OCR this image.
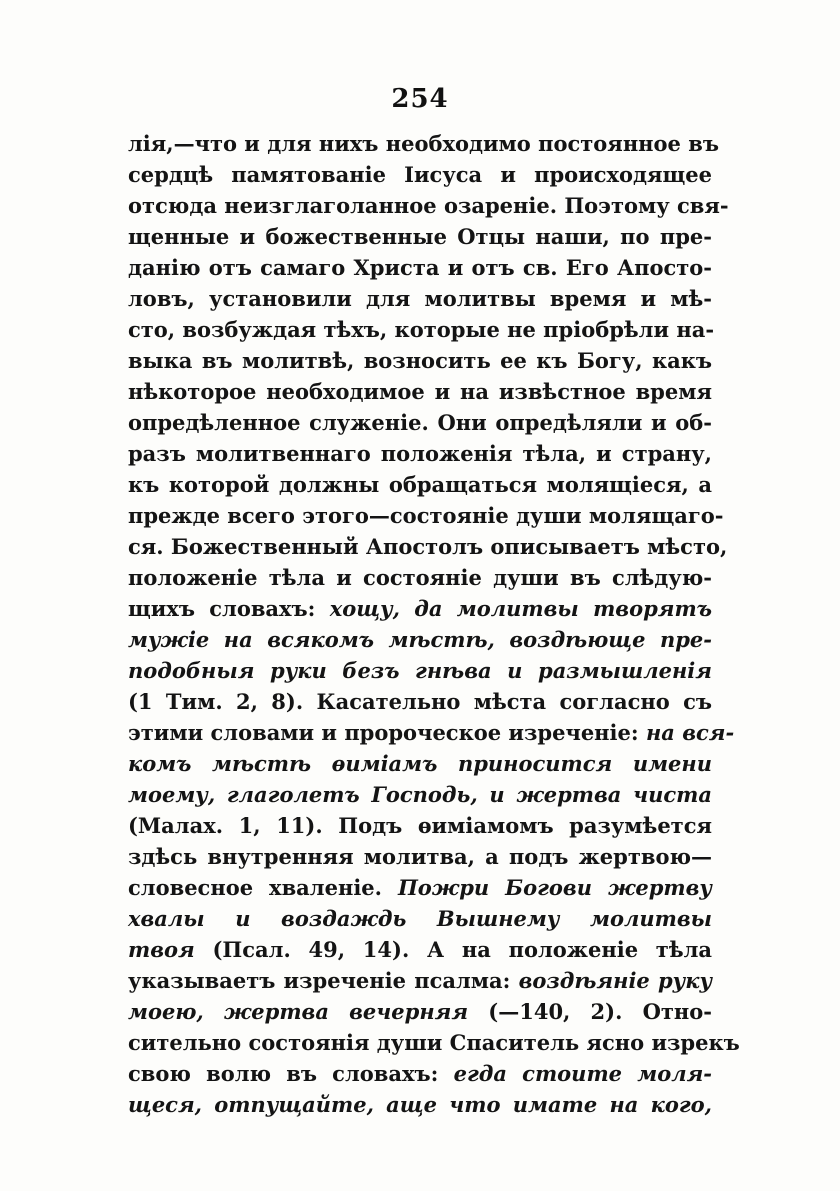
254
лія,—что и для нихъ необходимо постоянное въ
сердцѣ памятованіе Іисуса и происходящее
отсюда неизглаголанное озареніе. Поэтому свя-
щенные и божественные Отцы наши, по пре-
данію отъ самаго Христа и отъ св. Его Апосто-
ловъ, установили для молитвы время и мѣ-
сто, возбуждая тѣхъ, которые не пріобрѣли на-
выка въ молитвѣ, возносить ее къ Богу, какъ
нѣкоторое необходимое и на извѣстное время
опредѣленное служеніе. Они опредѣляли и об-
разъ молитвеннаго положенія тѣла, и страну,
къ которой должны обращаться молящіеся, а
прежде всего этого—состояніе души молящаго-
ся. Божественный Апостолъ описываетъ мѣсто,
положеніе тѣла и состояніе души въ слѣдую-
щихъ словахъ: хощу, да молитвы творятъ
мужіе на всякомъ мѣстѣ, воздѣюще пре-
подобныя руки безъ гнѣва и размышленія
(1 Тим. 2, 8). Касательно мѣста согласно съ
этими словами и пророческое изреченіе: на вся-
комъ мѣстѣ ѳиміамъ приносится имени
моему, глаголетъ Господь, и жертва чиста
(Малах. 1, 11). Подъ ѳиміамомъ разумѣется
здѣсь внутренняя молитва, а подъ жертвою—
словесное хваленіе. Пожри Богови жертву
хвалы и воздаждь Вышнему молитвы
твоя (Псал. 49, 14). А на положеніе тѣла
указываетъ изреченіе псалма: воздѣяніе руку
моею, жертва вечерняя (—140, 2). Отно-
сительно состоянія души Спаситель ясно изрекъ
свою волю въ словахъ: егда стоите моля-
щеся, отпущайте, аще что имате на кого,
